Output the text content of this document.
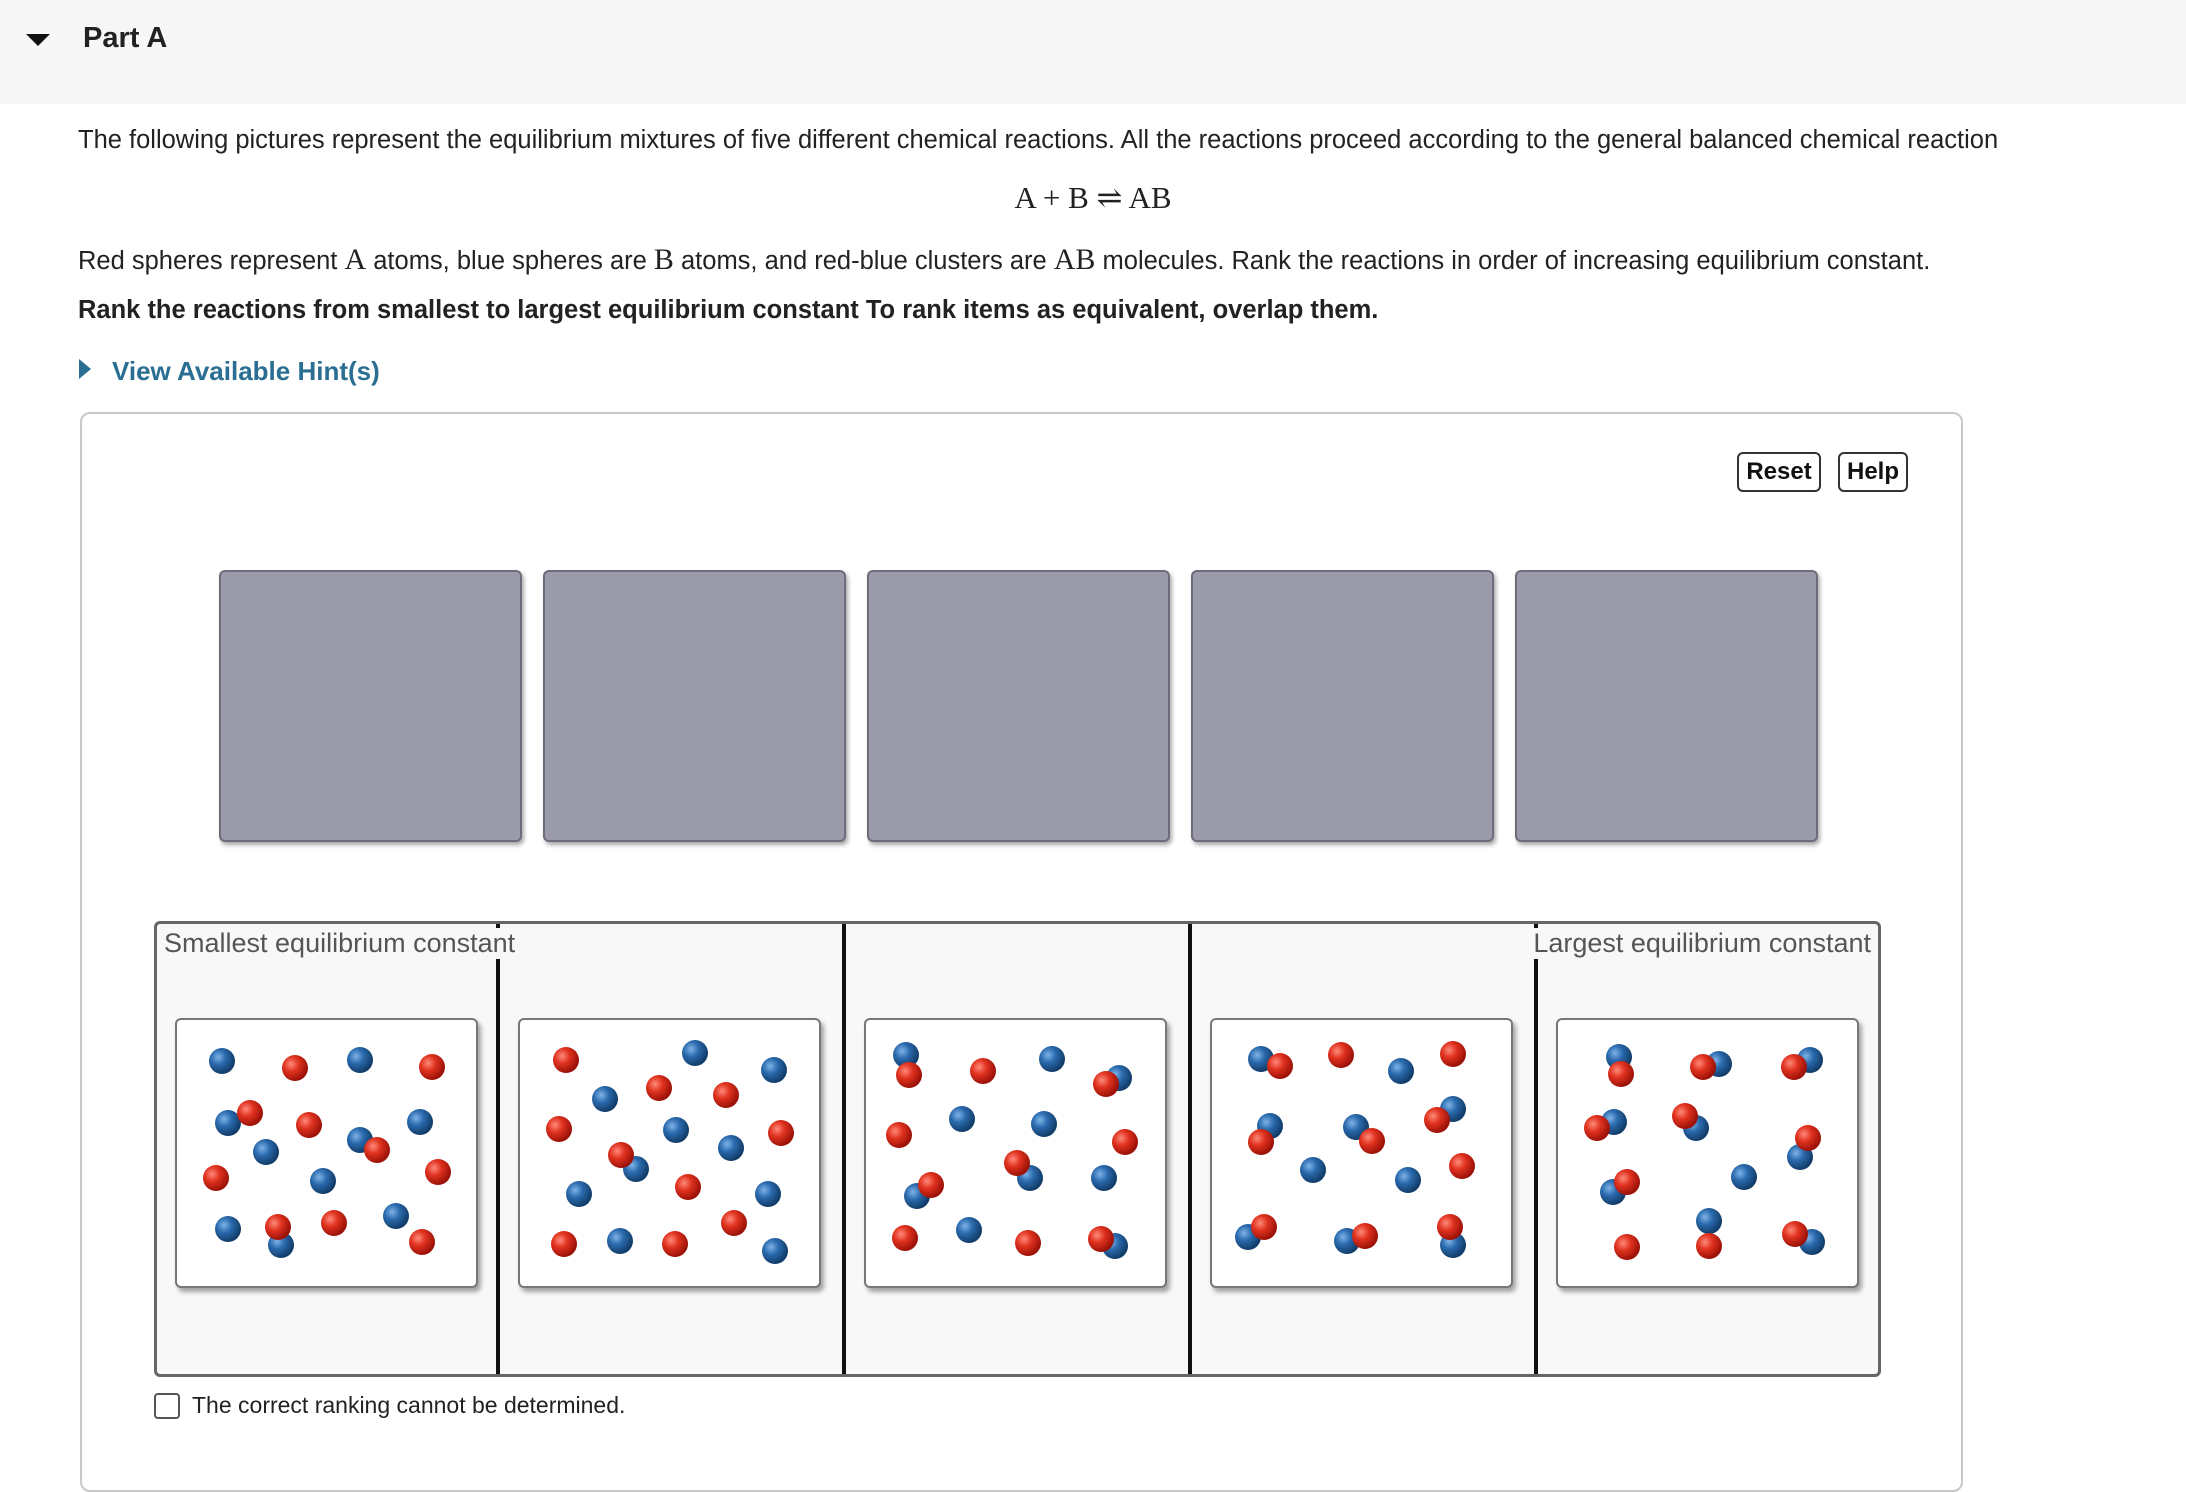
Part A
The following pictures represent the equilibrium mixtures of five different chemical reactions. All the reactions proceed according to the general balanced chemical reaction
A + B ⇌ AB
Red spheres represent A atoms, blue spheres are B atoms, and red-blue clusters are AB molecules. Rank the reactions in order of increasing equilibrium constant.
Rank the reactions from smallest to largest equilibrium constant To rank items as equivalent, overlap them.
View Available Hint(s)
Reset	Help
Smallest equilibrium constant	Largest equilibrium constant
The correct ranking cannot be determined.
